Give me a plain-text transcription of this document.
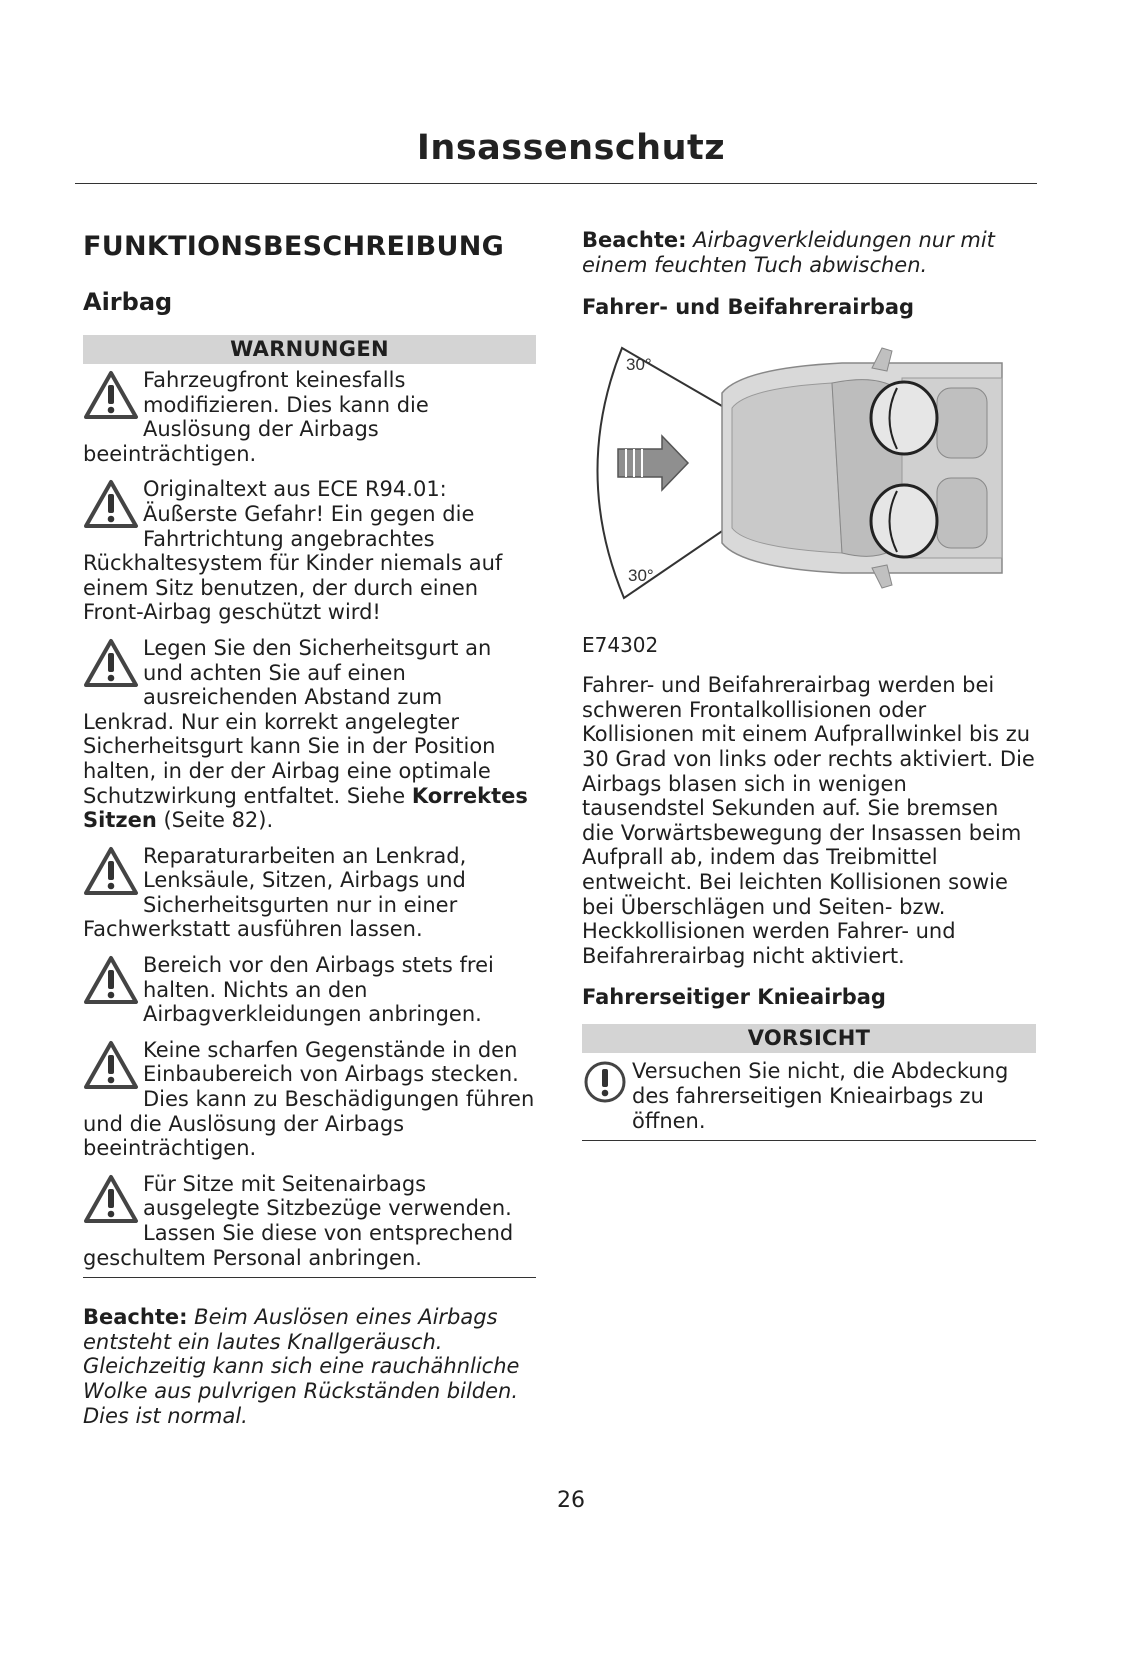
Insassenschutz
FUNKTIONSBESCHREIBUNG
Airbag
WARNUNGEN
Fahrzeugfront keinesfalls modifizieren. Dies kann die Auslösung der Airbags beeinträchtigen.
Originaltext aus ECE R94.01: Äußerste Gefahr! Ein gegen die Fahrtrichtung angebrachtes Rückhaltesystem für Kinder niemals auf einem Sitz benutzen, der durch einen Front-Airbag geschützt wird!
Legen Sie den Sicherheitsgurt an und achten Sie auf einen ausreichenden Abstand zum Lenkrad. Nur ein korrekt angelegter Sicherheitsgurt kann Sie in der Position halten, in der der Airbag eine optimale Schutzwirkung entfaltet. Siehe Korrektes Sitzen (Seite 82).
Reparaturarbeiten an Lenkrad, Lenksäule, Sitzen, Airbags und Sicherheitsgurten nur in einer Fachwerkstatt ausführen lassen.
Bereich vor den Airbags stets frei halten. Nichts an den Airbagverkleidungen anbringen.
Keine scharfen Gegenstände in den Einbaubereich von Airbags stecken. Dies kann zu Beschädigungen führen und die Auslösung der Airbags beeinträchtigen.
Für Sitze mit Seitenairbags ausgelegte Sitzbezüge verwenden. Lassen Sie diese von entsprechend geschultem Personal anbringen.
Beachte: Beim Auslösen eines Airbags entsteht ein lautes Knallgeräusch. Gleichzeitig kann sich eine rauchähnliche Wolke aus pulvrigen Rückständen bilden. Dies ist normal.
Beachte: Airbagverkleidungen nur mit einem feuchten Tuch abwischen.
Fahrer- und Beifahrerairbag
30°
30°
E74302
Fahrer- und Beifahrerairbag werden bei schweren Frontalkollisionen oder Kollisionen mit einem Aufprallwinkel bis zu 30 Grad von links oder rechts aktiviert. Die Airbags blasen sich in wenigen tausendstel Sekunden auf. Sie bremsen die Vorwärtsbewegung der Insassen beim Aufprall ab, indem das Treibmittel entweicht. Bei leichten Kollisionen sowie bei Überschlägen und Seiten- bzw. Heckkollisionen werden Fahrer- und Beifahrerairbag nicht aktiviert.
Fahrerseitiger Knieairbag
VORSICHT
Versuchen Sie nicht, die Abdeckung des fahrerseitigen Knieairbags zu öffnen.
26
